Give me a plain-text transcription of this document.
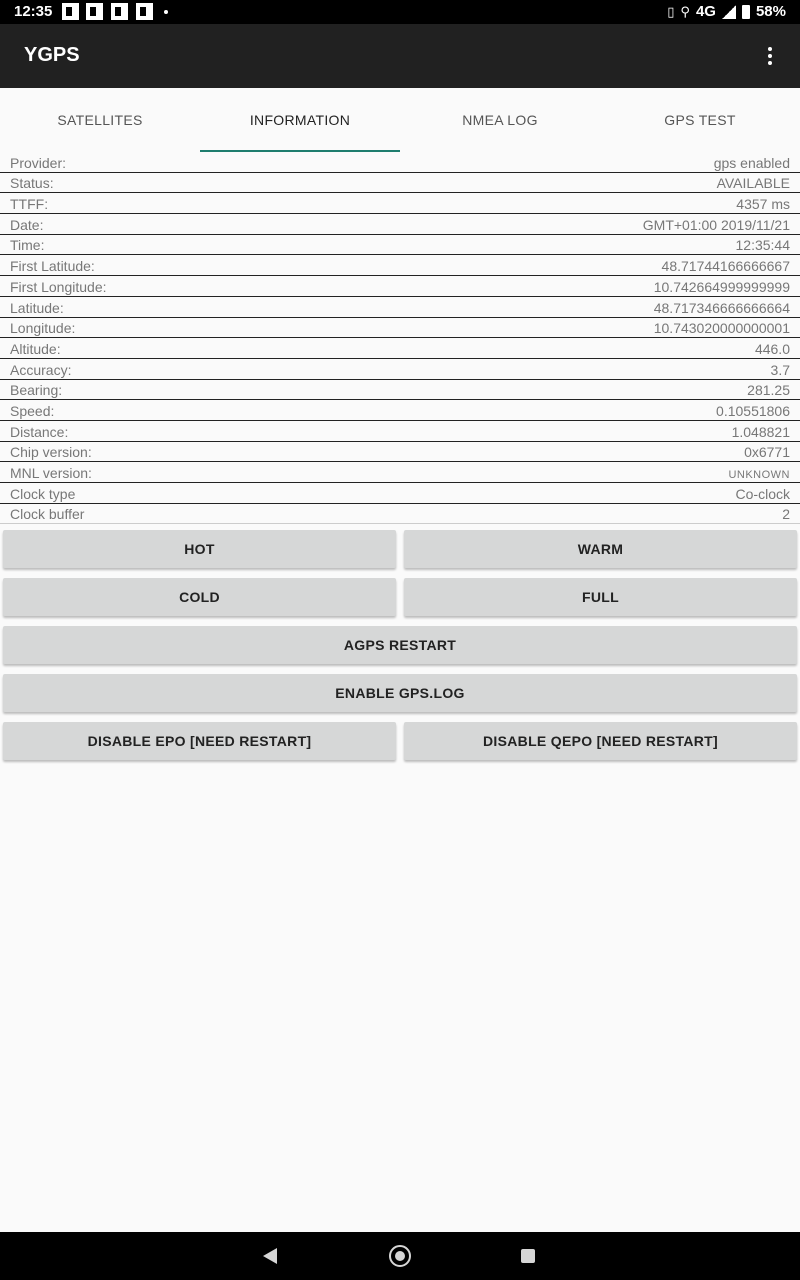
12:35	▯ ⚲ 4G	58%
YGPS
SATELLITES	INFORMATION	NMEA LOG	GPS TEST
Provider:	gps enabled
Status:	AVAILABLE
TTFF:	4357 ms
Date:	GMT+01:00 2019/11/21
Time:	12:35:44
First Latitude:	48.71744166666667
First Longitude:	10.742664999999999
Latitude:	48.717346666666664
Longitude:	10.743020000000001
Altitude:	446.0
Accuracy:	3.7
Bearing:	281.25
Speed:	0.10551806
Distance:	1.048821
Chip version:	0x6771
MNL version:	UNKNOWN
Clock type	Co-clock
Clock buffer	2
HOT	WARM
COLD	FULL
AGPS RESTART
ENABLE GPS.LOG
DISABLE EPO [NEED RESTART]	DISABLE QEPO [NEED RESTART]
